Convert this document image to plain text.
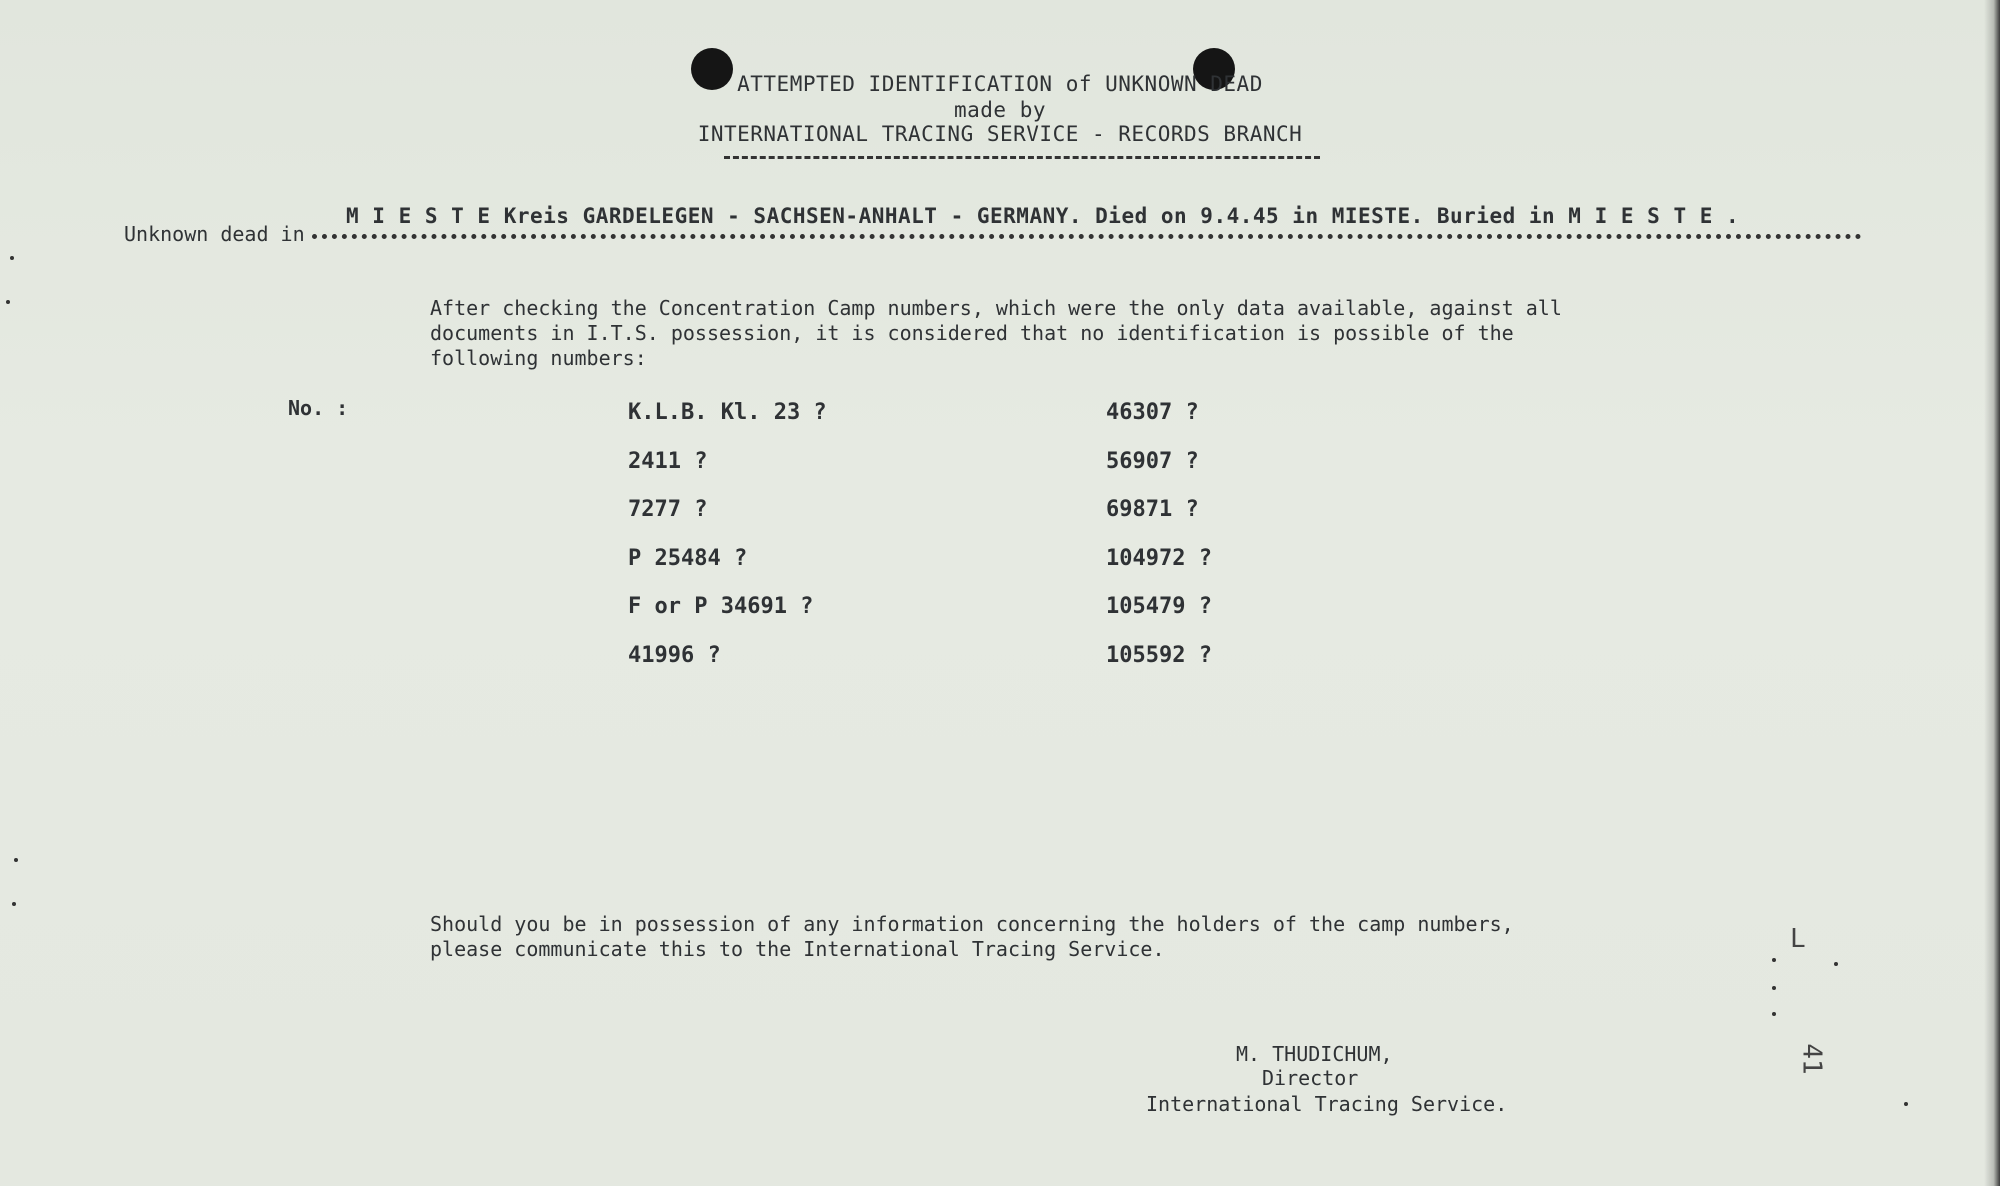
ATTEMPTED IDENTIFICATION of UNKNOWN DEAD
made by
INTERNATIONAL TRACING SERVICE - RECORDS BRANCH
Unknown dead in
M I E S T E Kreis GARDELEGEN - SACHSEN-ANHALT - GERMANY. Died on 9.4.45 in MIESTE. Buried in M I E S T E .
After checking the Concentration Camp numbers, which were the only data available, against all
documents in I.T.S. possession, it is considered that no identification is possible of the
following numbers:
No. :	K.L.B. Kl. 23 ?
2411 ?
7277 ?
P 25484 ?
F or P 34691 ?
41996 ?
46307 ?
56907 ?
69871 ?
104972 ?
105479 ?
105592 ?
Should you be in possession of any information concerning the holders of the camp numbers,
please communicate this to the International Tracing Service.
M. THUDICHUM,
Director
International Tracing Service.
L
41
